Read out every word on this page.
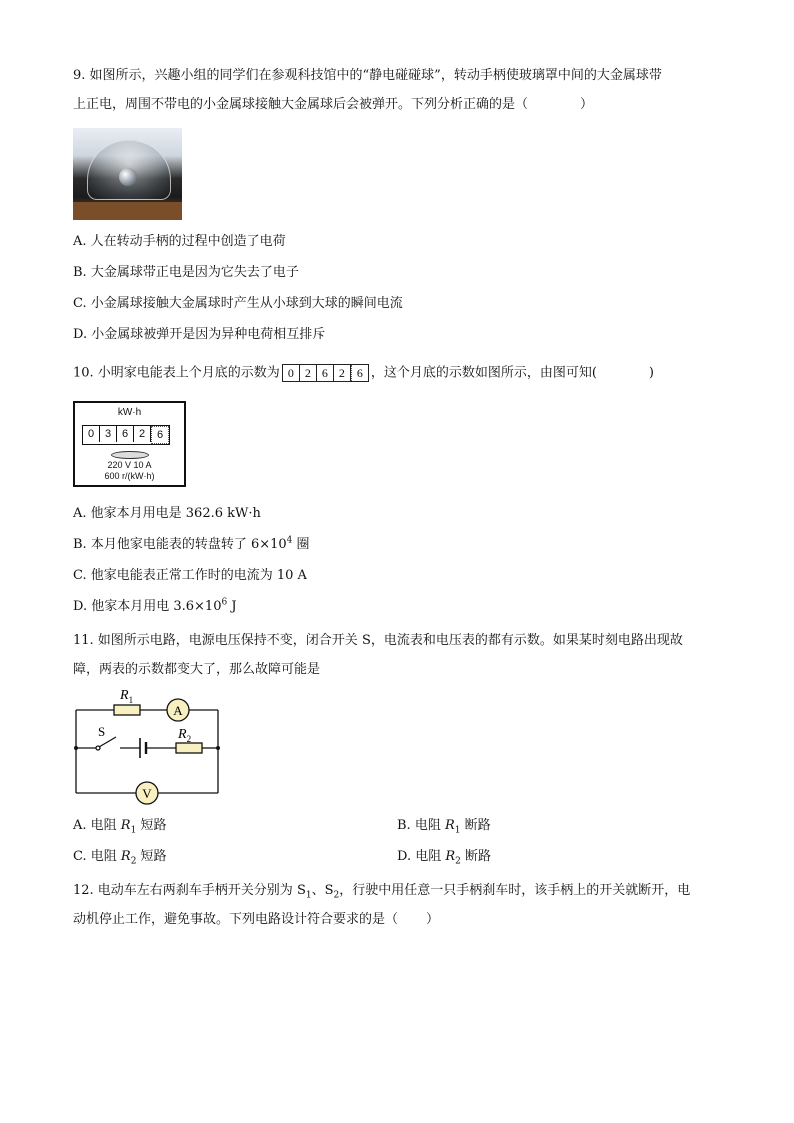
9. 如图所示，兴趣小组的同学们在参观科技馆中的“静电碰碰球”，转动手柄使玻璃罩中间的大金属球带
上正电，周围不带电的小金属球接触大金属球后会被弹开。下列分析正确的是（	）
A. 人在转动手柄的过程中创造了电荷
B. 大金属球带正电是因为它失去了电子
C. 小金属球接触大金属球时产生从小球到大球的瞬间电流
D. 小金属球被弹开是因为异种电荷相互排斥
10. 小明家电能表上个月底的示数为 0 2 6 2	6 ，这个月底的示数如图所示，由图可知(	)
kW·h
0 3 6 2	6
220 V 10 A
600 r/(kW·h)
A. 他家本月用电是 362.6 kW·h
B. 本月他家电能表的转盘转了 $6\times 10^4$ 圈
C. 他家电能表正常工作时的电流为 10 A
D. 他家本月用电 $3.6\times 10^6$ J
11. 如图所示电路，电源电压保持不变，闭合开关 S，电流表和电压表的都有示数。如果某时刻电路出现故
障，两表的示数都变大了，那么故障可能是
$R_1$
$R_2$
S
A
V
A. 电阻 $R_1$ 短路	B. 电阻 $R_1$ 断路
C. 电阻 $R_2$ 短路	D. 电阻 $R_2$ 断路
12. 电动车左右两刹车手柄开关分别为 $S_1$、$S_2$，行驶中用任意一只手柄刹车时，该手柄上的开关就断开，电
动机停止工作，避免事故。下列电路设计符合要求的是（ ）
